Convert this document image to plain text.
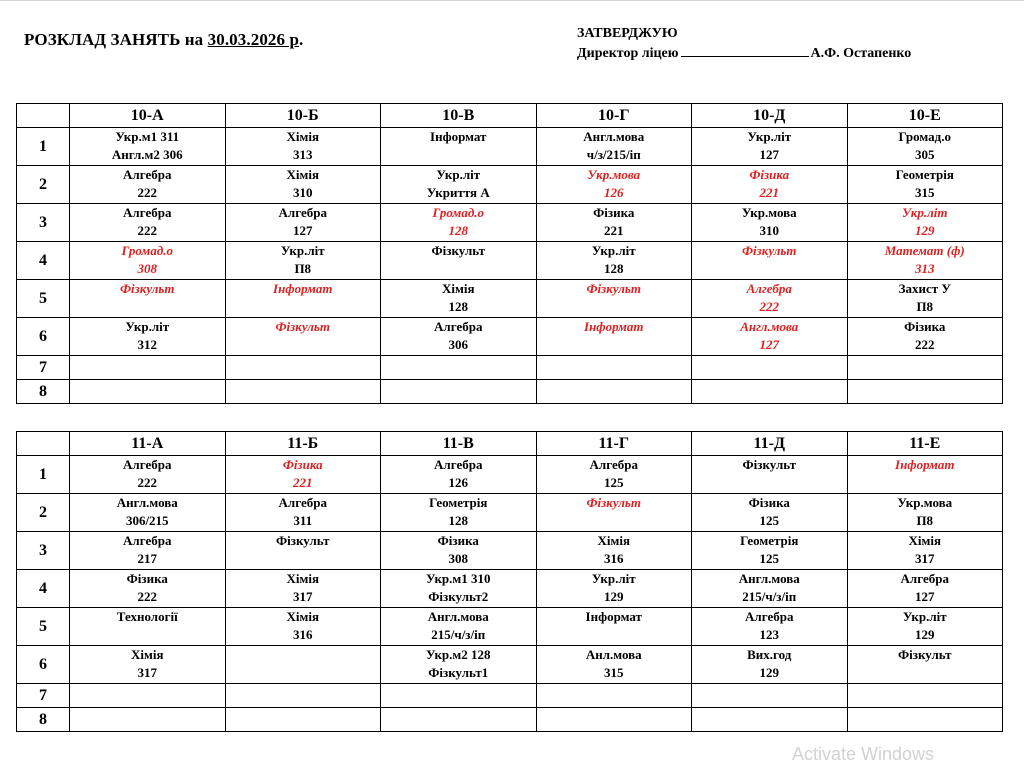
РОЗКЛАД ЗАНЯТЬ на 30.03.2026 р.	ЗАТВЕРДЖУЮ
Директор ліцею	А.Ф. Остапенко
	10-А	10-Б	10-В	10-Г	10-Д	10-Е
1	Укр.м1 311
Англ.м2 306	Хімія
313	Інформат	Англ.мова
ч/з/215/іп	Укр.літ
127	Громад.о
305

2	Алгебра
222	Хімія
310	Укр.літ
Укриття А	Укр.мова
126	Фізика
221	Геометрія
315

3	Алгебра
222	Алгебра
127	Громад.о
128	Фізика
221	Укр.мова
310	Укр.літ
129

4	Громад.о
308	Укр.літ
П8	Фізкульт	Укр.літ
128	Фізкульт	Математ (ф)
313

5	Фізкульт	Інформат	Хімія
128	Фізкульт	Алгебра
222	Захист У
П8

6	Укр.літ
312	Фізкульт	Алгебра
306	Інформат	Англ.мова
127	Фізика
222

7						
8						
	11-А	11-Б	11-В	11-Г	11-Д	11-Е
1	Алгебра
222	Фізика
221	Алгебра
126	Алгебра
125	Фізкульт	Інформат

2	Англ.мова
306/215	Алгебра
311	Геометрія
128	Фізкульт	Фізика
125	Укр.мова
П8

3	Алгебра
217	Фізкульт	Фізика
308	Хімія
316	Геометрія
125	Хімія
317

4	Фізика
222	Хімія
317	Укр.м1 310
Фізкульт2	Укр.літ
129	Англ.мова
215/ч/з/іп	Алгебра
127

5	Технології	Хімія
316	Англ.мова
215/ч/з/іп	Інформат	Алгебра
123	Укр.літ
129

6	Хімія
317		Укр.м2 128
Фізкульт1	Анл.мова
315	Вих.год
129	Фізкульт

7						
8						
Activate Windows
